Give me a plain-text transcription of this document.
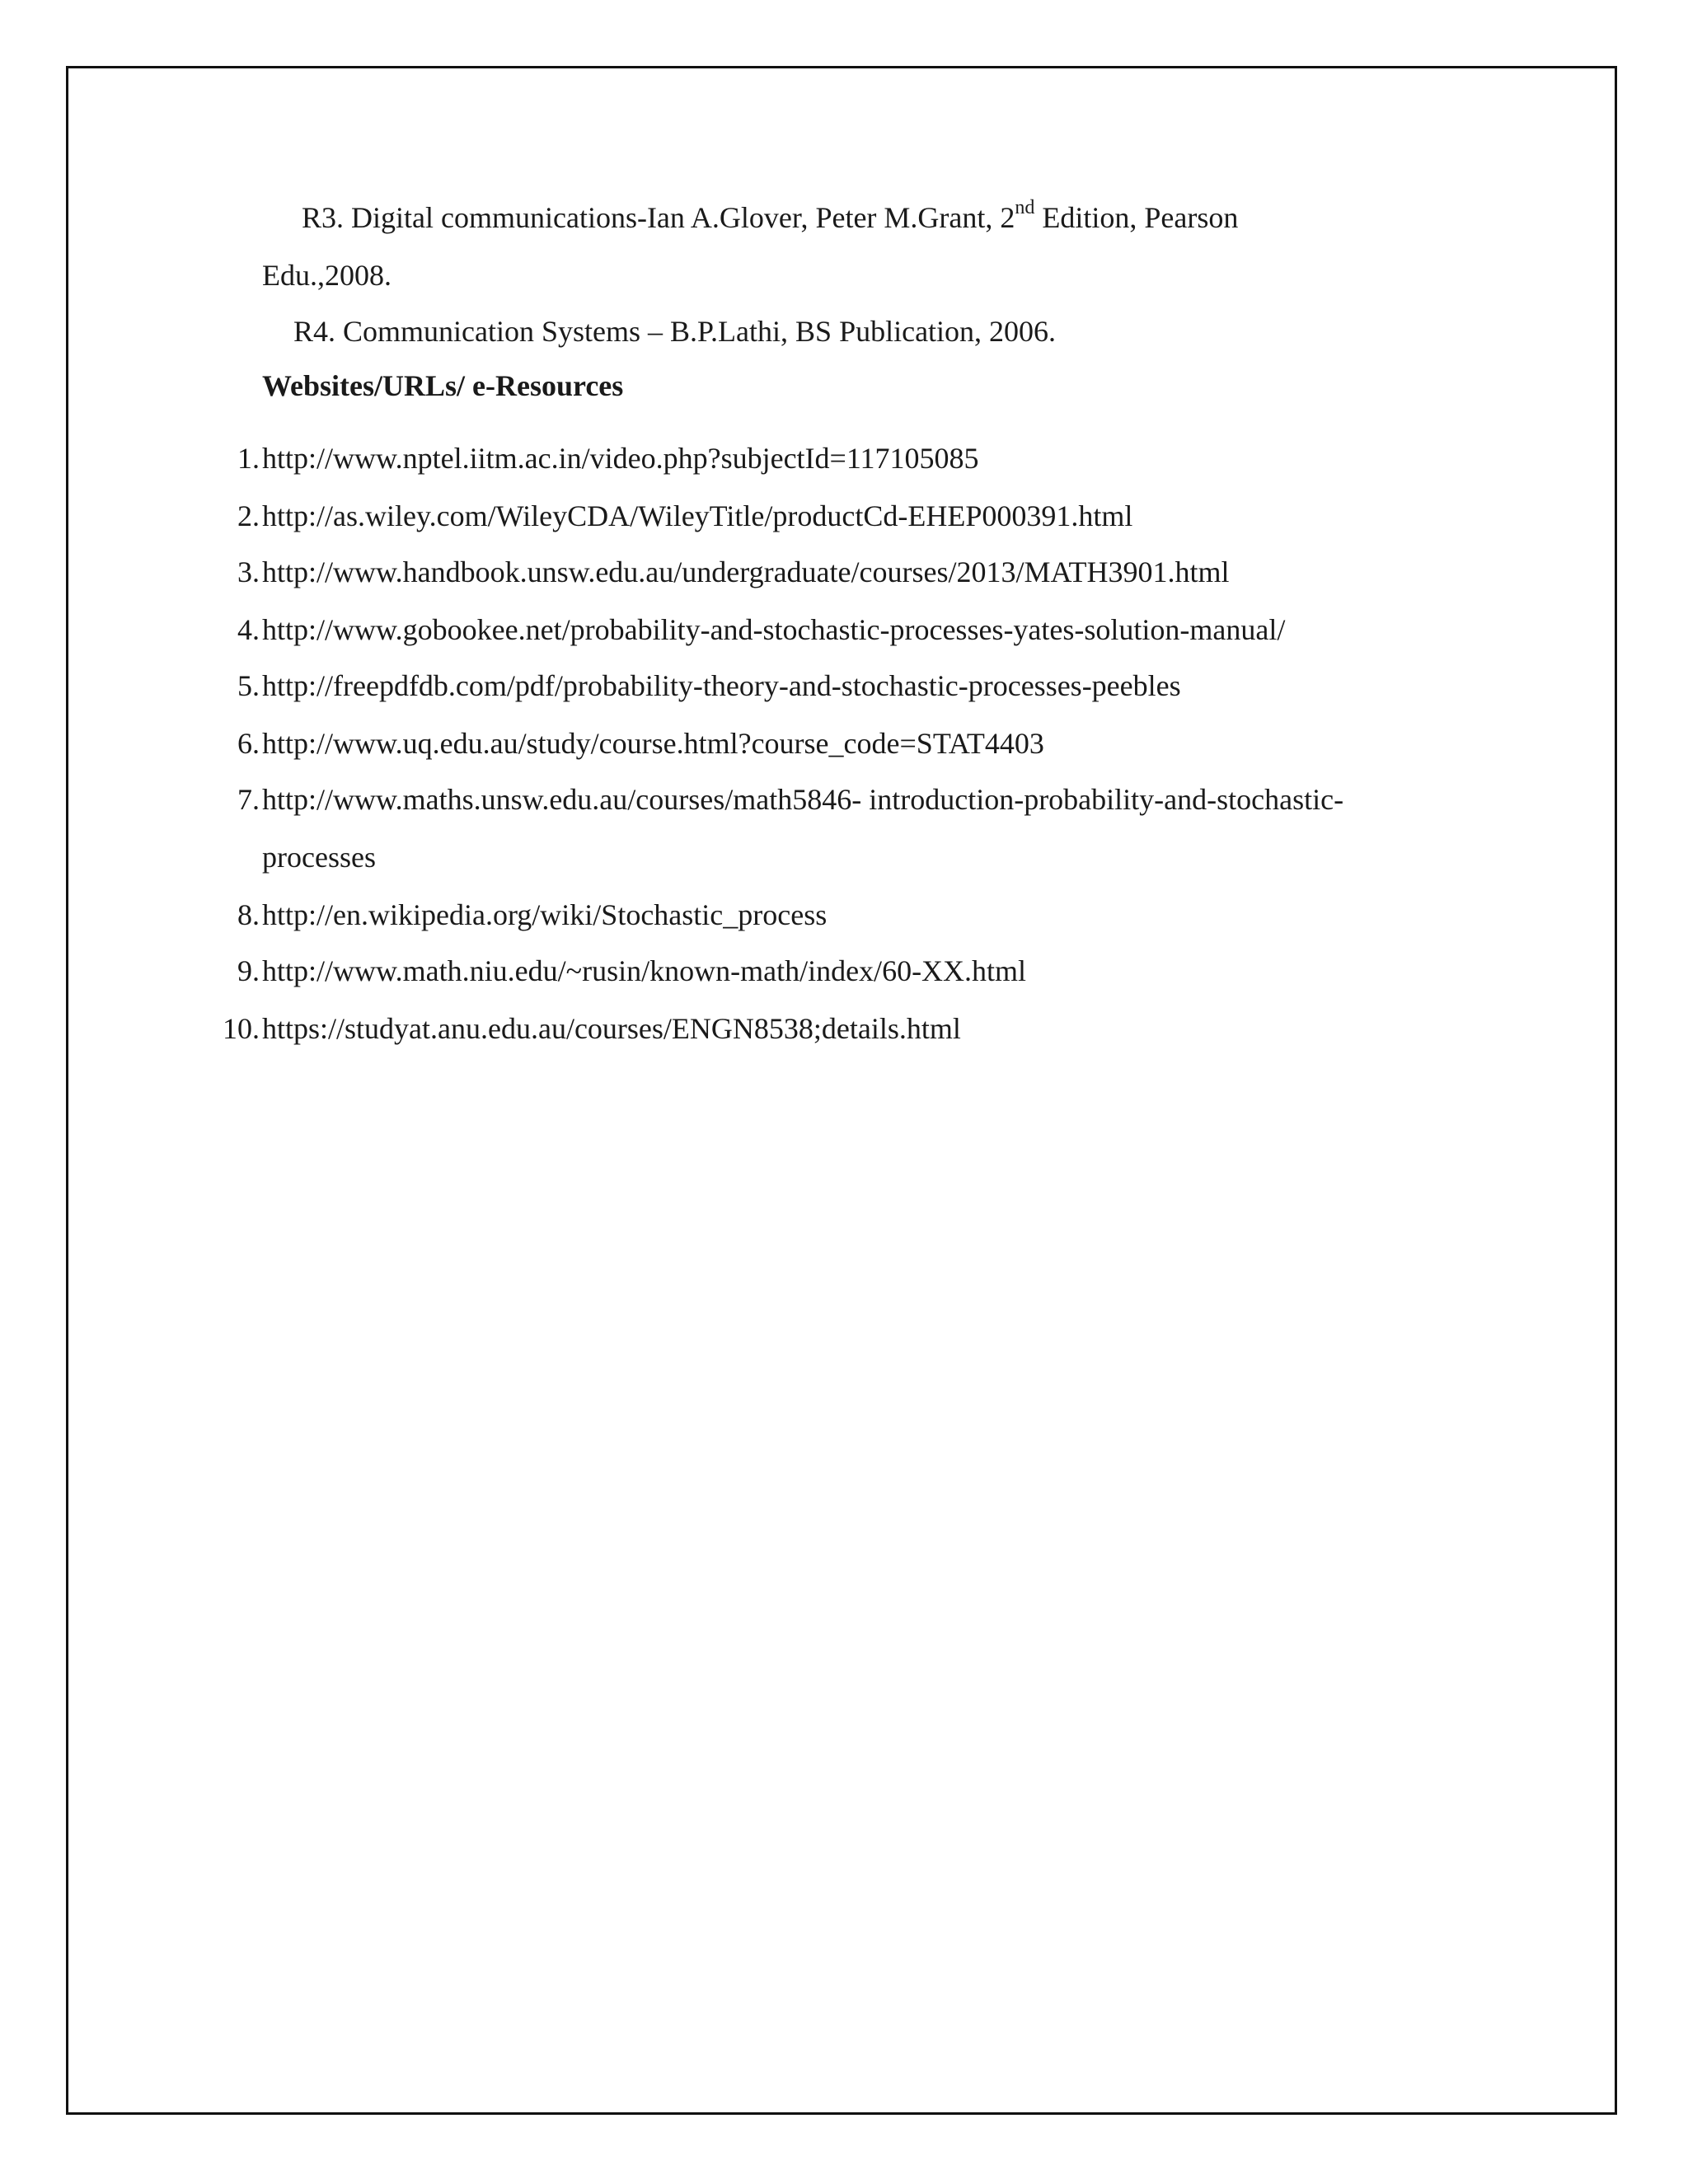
R3. Digital communications-Ian A.Glover, Peter M.Grant, 2nd Edition, Pearson
Edu.,2008.
R4. Communication Systems – B.P.Lathi, BS Publication, 2006.
Websites/URLs/ e-Resources
1. http://www.nptel.iitm.ac.in/video.php?subjectId=117105085
2. http://as.wiley.com/WileyCDA/WileyTitle/productCd-EHEP000391.html
3. http://www.handbook.unsw.edu.au/undergraduate/courses/2013/MATH3901.html
4. http://www.gobookee.net/probability-and-stochastic-processes-yates-solution-manual/
5. http://freepdfdb.com/pdf/probability-theory-and-stochastic-processes-peebles
6. http://www.uq.edu.au/study/course.html?course_code=STAT4403
7. http://www.maths.unsw.edu.au/courses/math5846- introduction-probability-and-stochastic-
processes
8. http://en.wikipedia.org/wiki/Stochastic_process
9. http://www.math.niu.edu/~rusin/known-math/index/60-XX.html
10. https://studyat.anu.edu.au/courses/ENGN8538;details.html
